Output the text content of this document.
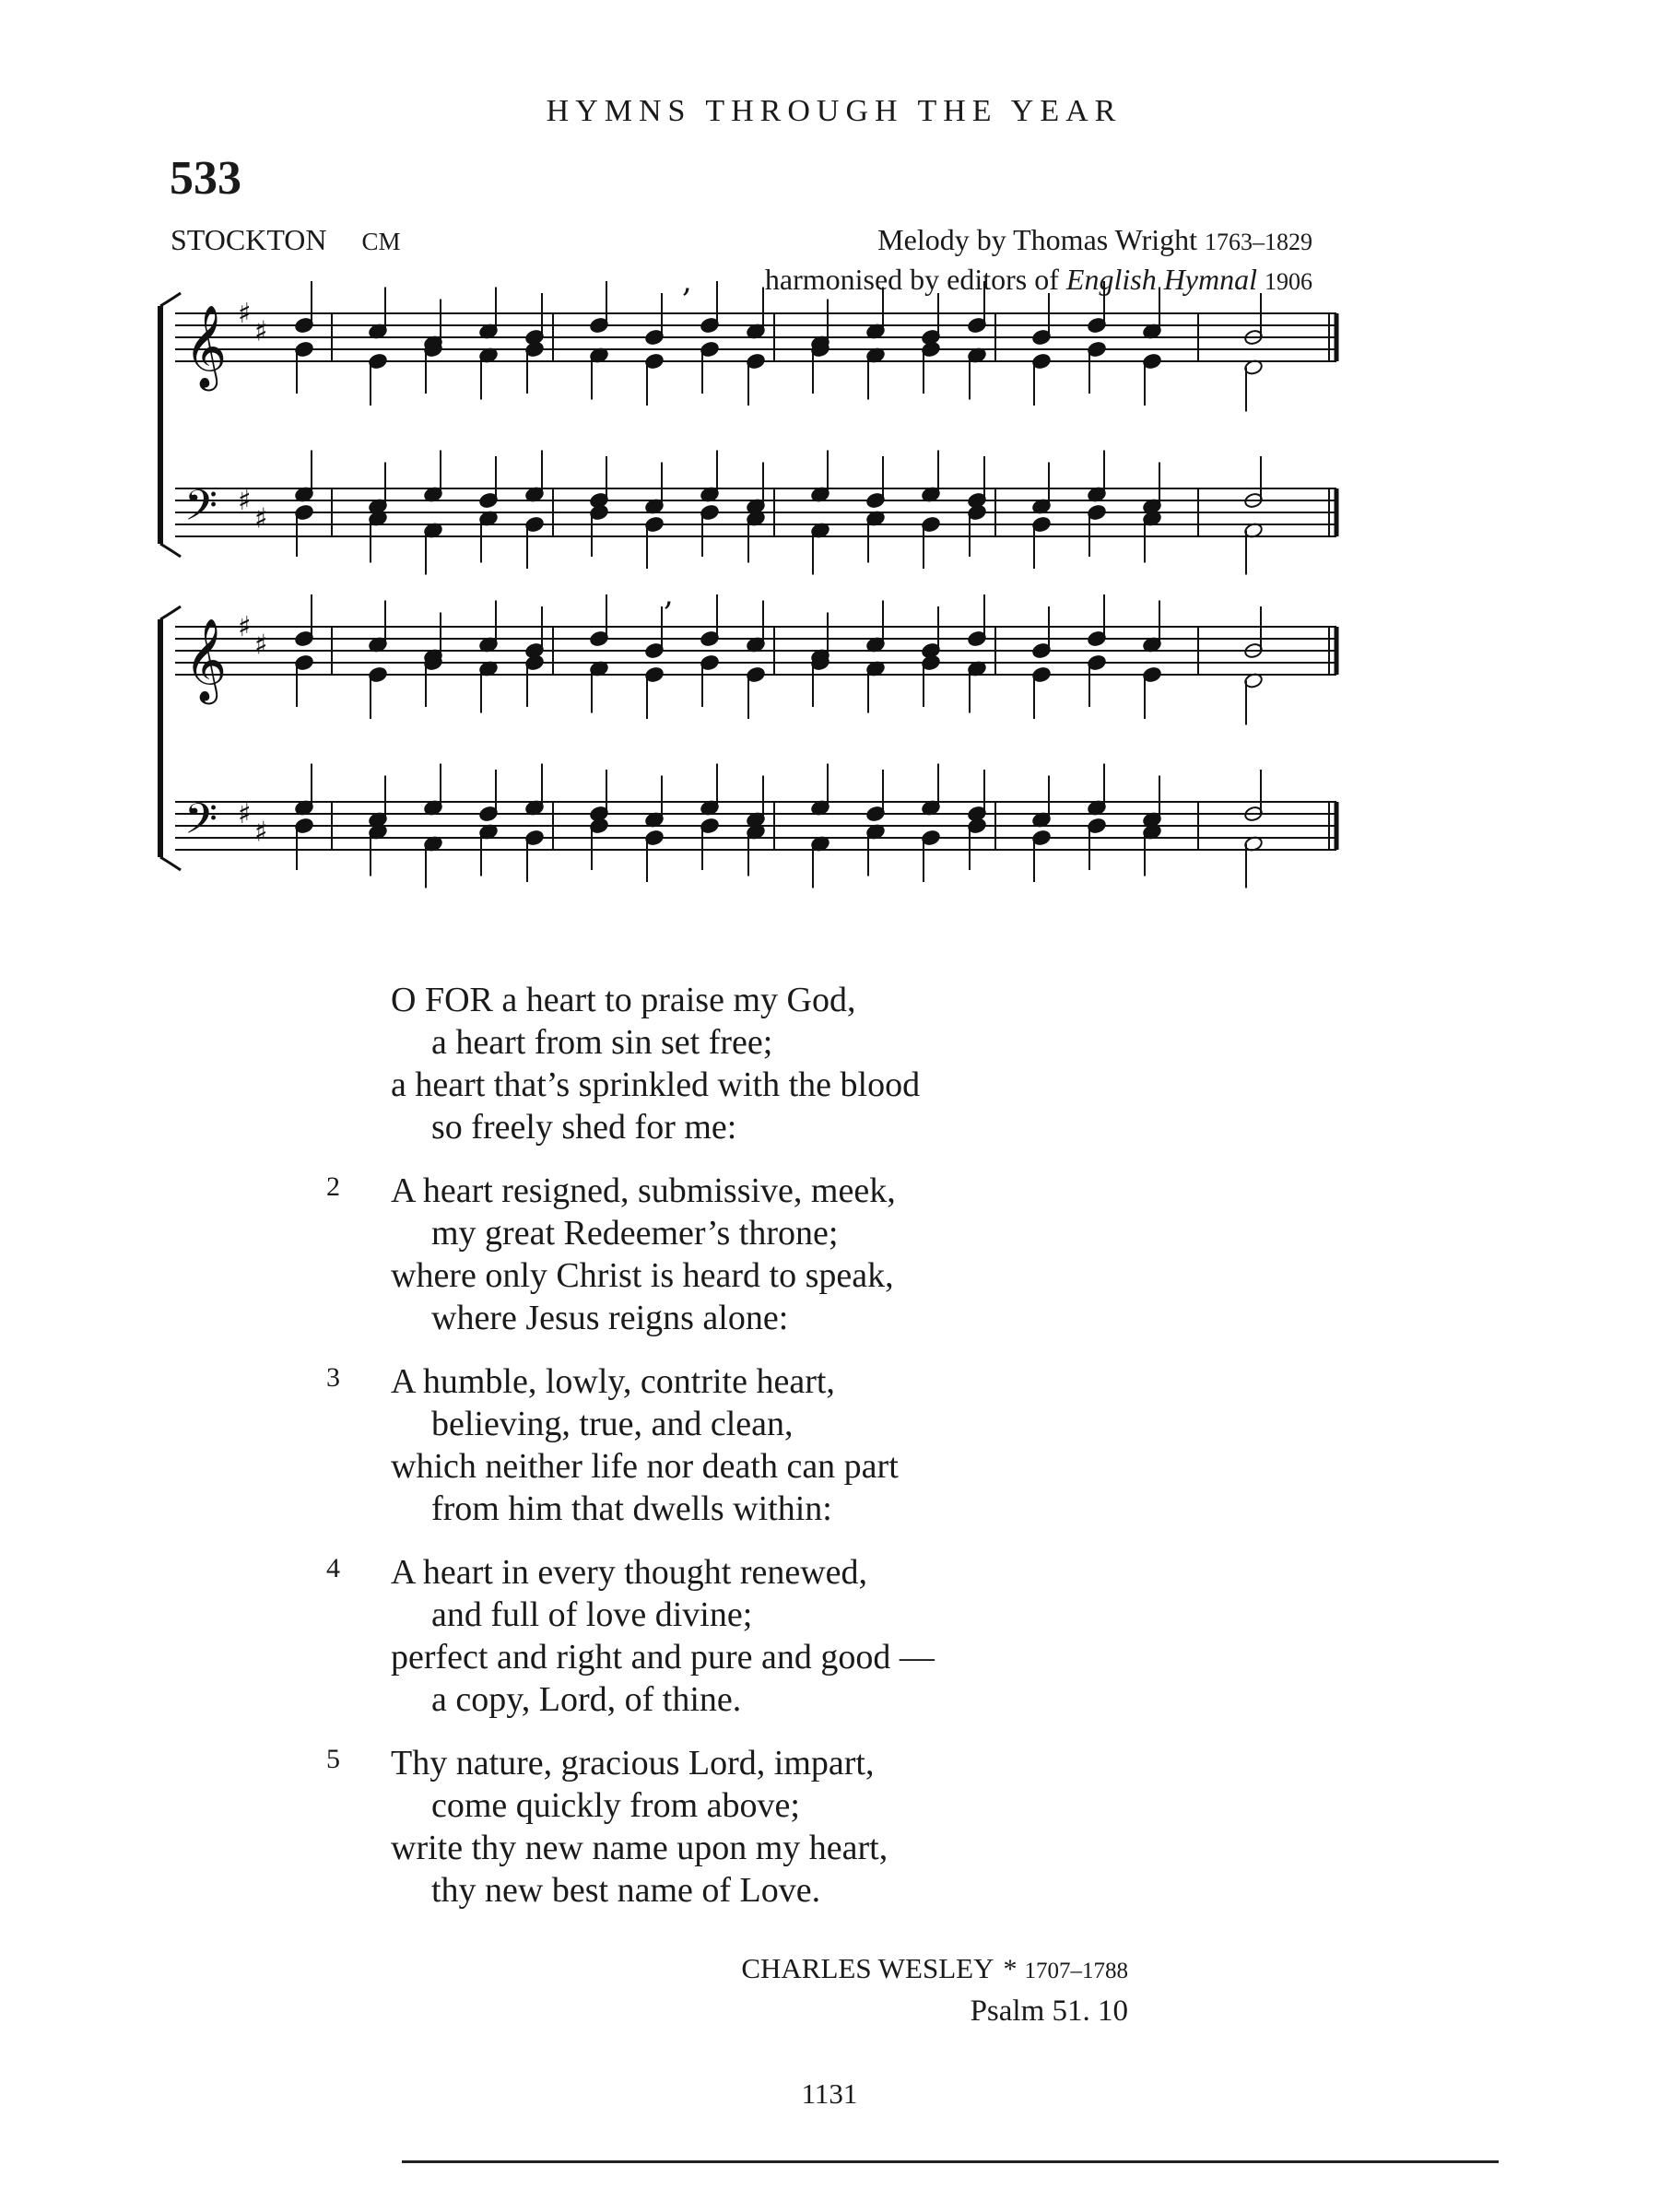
HYMNS THROUGH THE YEAR
533
STOCKTON CM	Melody by Thomas Wright 1763–1829
harmonised by editors of English Hymnal 1906
𝄞
𝄢
♯
♯
♯
♯
,
𝄞
𝄢
♯
♯
♯
♯
,
O FOR a heart to praise my God,
a heart from sin set free;
a heart that’s sprinkled with the blood
so freely shed for me:
2 A heart resigned, submissive, meek,
my great Redeemer’s throne;
where only Christ is heard to speak,
where Jesus reigns alone:
3 A humble, lowly, contrite heart,
believing, true, and clean,
which neither life nor death can part
from him that dwells within:
4 A heart in every thought renewed,
and full of love divine;
perfect and right and pure and good —
a copy, Lord, of thine.
5 Thy nature, gracious Lord, impart,
come quickly from above;
write thy new name upon my heart,
thy new best name of Love.
CHARLES WESLEY * 1707–1788
Psalm 51. 10
1131
